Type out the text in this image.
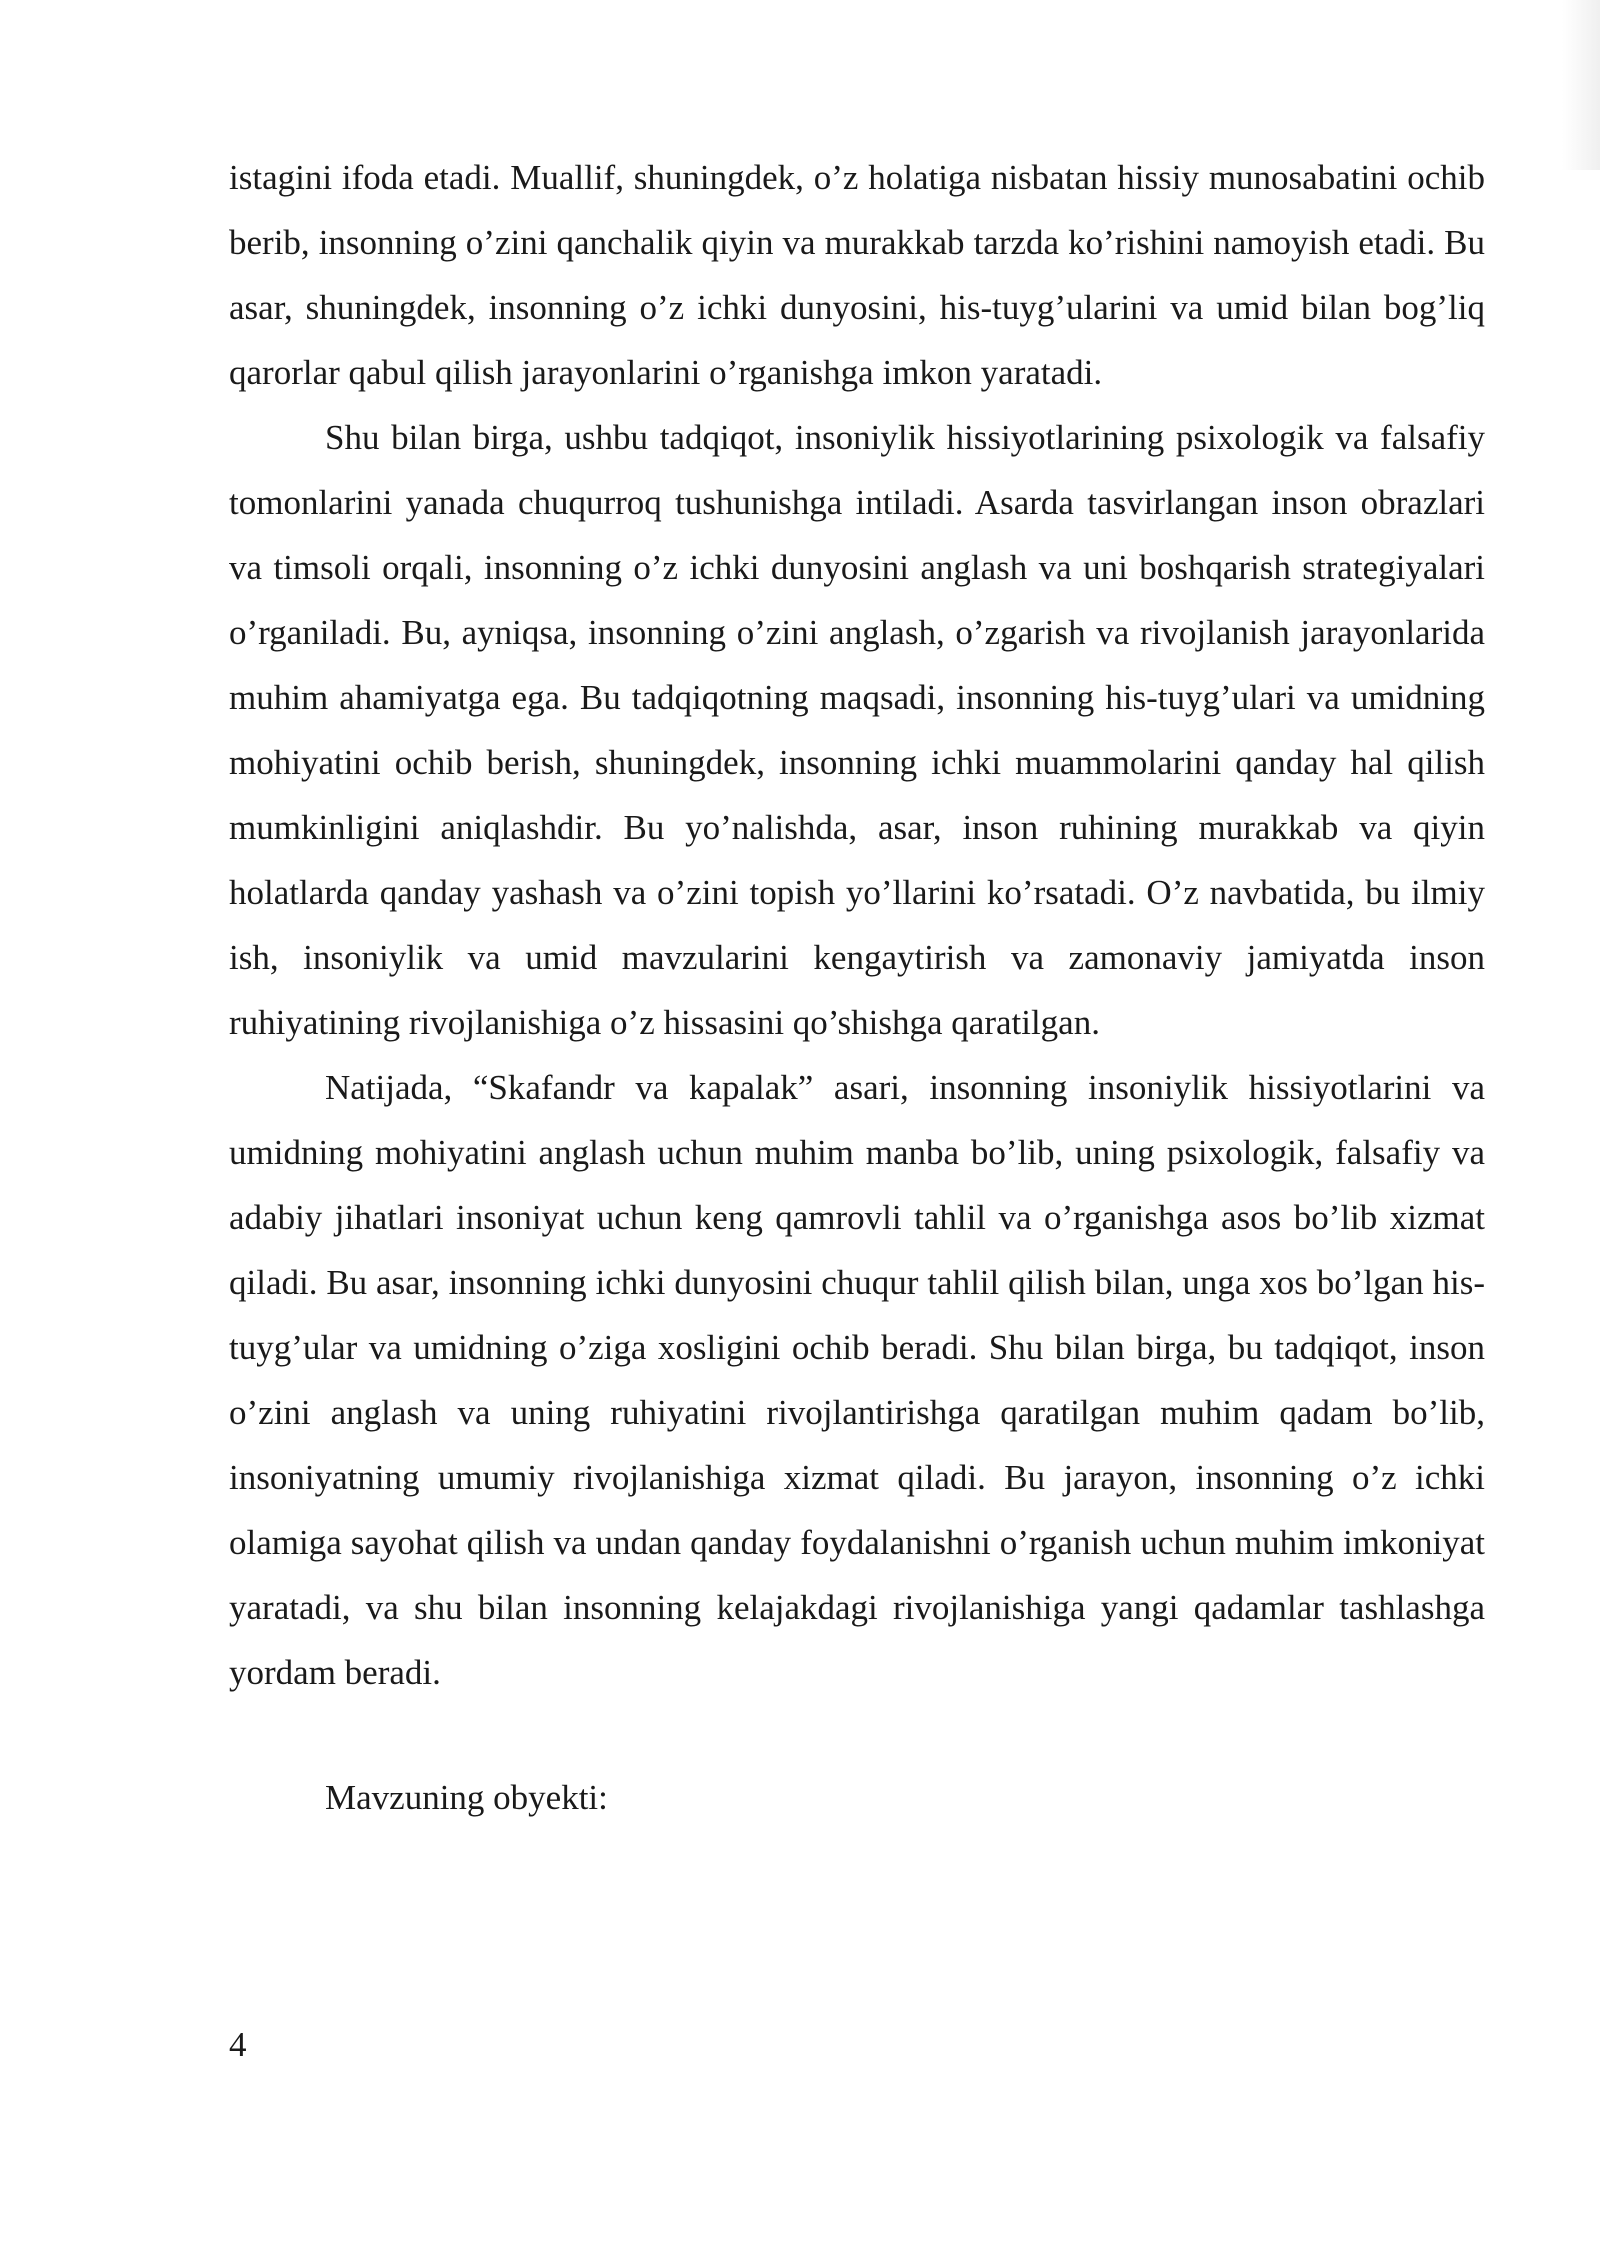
istagini ifoda etadi. Muallif, shuningdek, o’z holatiga nisbatan hissiy munosabatini ochib berib, insonning o’zini qanchalik qiyin va murakkab tarzda ko’rishini namoyish etadi. Bu asar, shuningdek, insonning o’z ichki dunyosini, his-tuyg’ularini va umid bilan bog’liq qarorlar qabul qilish jarayonlarini o’rganishga imkon yaratadi.

Shu bilan birga, ushbu tadqiqot, insoniylik hissiyotlarining psixologik va falsafiy tomonlarini yanada chuqurroq tushunishga intiladi. Asarda tasvirlangan inson obrazlari va timsoli orqali, insonning o’z ichki dunyosini anglash va uni boshqarish strategiyalari o’rganiladi. Bu, ayniqsa, insonning o’zini anglash, o’zgarish va rivojlanish jarayonlarida muhim ahamiyatga ega. Bu tadqiqotning maqsadi, insonning his-tuyg’ulari va umidning mohiyatini ochib berish, shuningdek, insonning ichki muammolarini qanday hal qilish mumkinligini aniqlashdir. Bu yo’nalishda, asar, inson ruhining murakkab va qiyin holatlarda qanday yashash va o’zini topish yo’llarini ko’rsatadi. O’z navbatida, bu ilmiy ish, insoniylik va umid mavzularini kengaytirish va zamonaviy jamiyatda inson ruhiyatining rivojlanishiga o’z hissasini qo’shishga qaratilgan.

Natijada, “Skafandr va kapalak” asari, insonning insoniylik hissiyotlarini va umidning mohiyatini anglash uchun muhim manba bo’lib, uning psixologik, falsafiy va adabiy jihatlari insoniyat uchun keng qamrovli tahlil va o’rganishga asos bo’lib xizmat qiladi. Bu asar, insonning ichki dunyosini chuqur tahlil qilish bilan, unga xos bo’lgan his-tuyg’ular va umidning o’ziga xosligini ochib beradi. Shu bilan birga, bu tadqiqot, inson o’zini anglash va uning ruhiyatini rivojlantirishga qaratilgan muhim qadam bo’lib, insoniyatning umumiy rivojlanishiga xizmat qiladi. Bu jarayon, insonning o’z ichki olamiga sayohat qilish va undan qanday foydalanishni o’rganish uchun muhim imkoniyat yaratadi, va shu bilan insonning kelajakdagi rivojlanishiga yangi qadamlar tashlashga yordam beradi.

Mavzuning obyekti:

4
